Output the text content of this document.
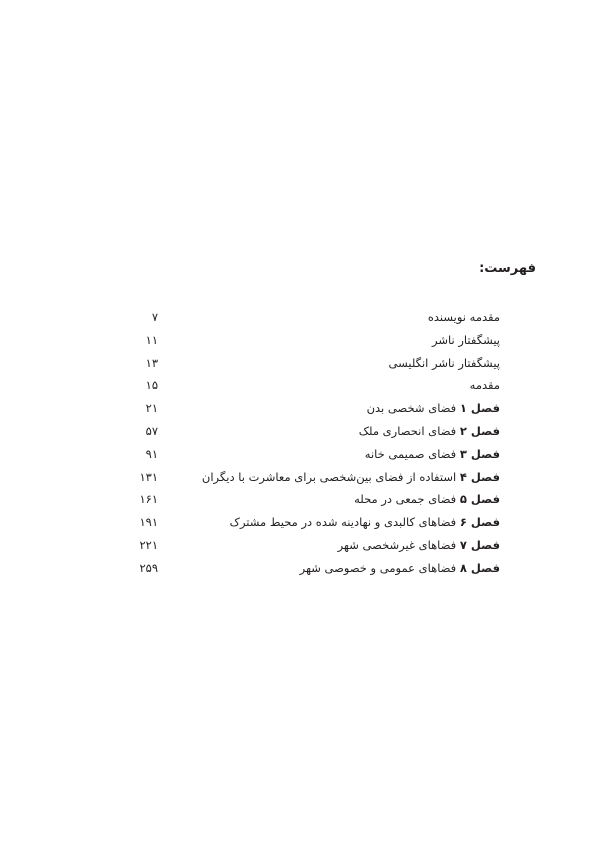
فهرست:
مقدمه نویسنده
۷
پیشگفتار ناشر
۱۱
پیشگفتار ناشر انگلیسی
۱۳
مقدمه
۱۵
فصل ۱ فضای شخصی بدن
۲۱
فصل ۲ فضای انحصاری ملک
۵۷
فصل ۳ فضای صمیمی خانه
۹۱
فصل ۴ استفاده از فضای بین‌شخصی برای معاشرت با دیگران
۱۳۱
فصل ۵ فضای جمعی در محله
۱۶۱
فصل ۶ فضاهای کالبدی و نهادینه شده در محیط مشترک
۱۹۱
فصل ۷ فضاهای غیرشخصی شهر
۲۲۱
فصل ۸ فضاهای عمومی و خصوصی شهر
۲۵۹
